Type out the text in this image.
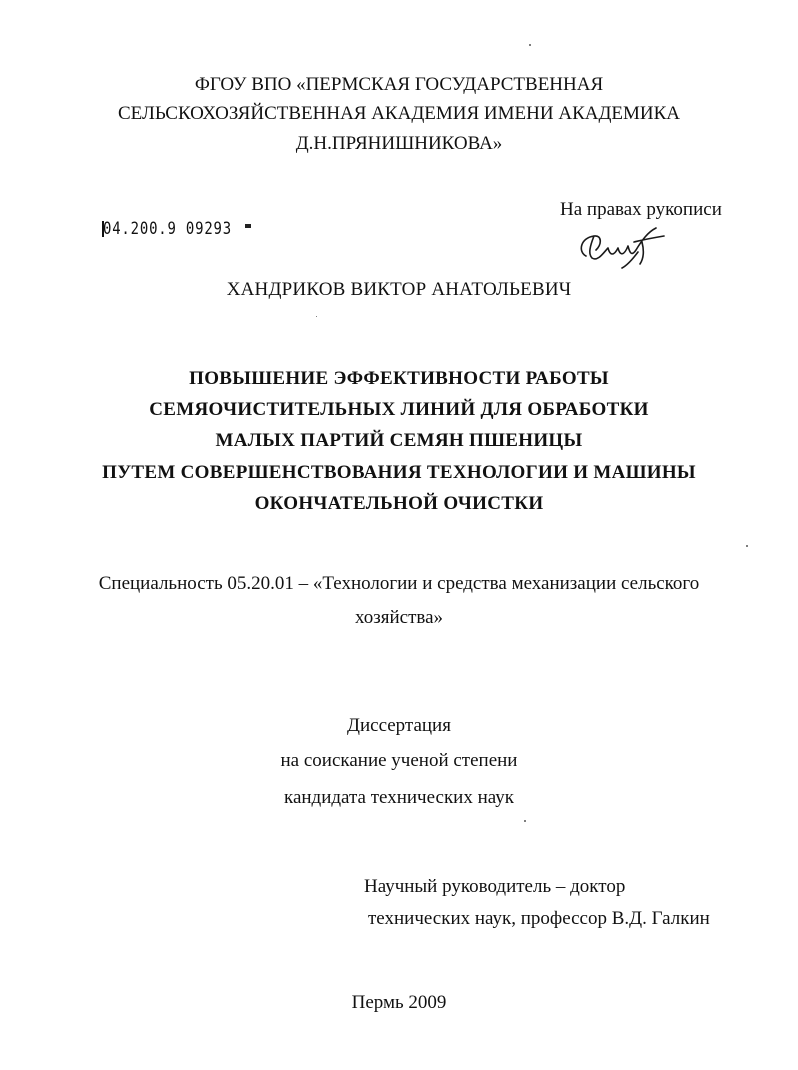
ФГОУ ВПО «ПЕРМСКАЯ ГОСУДАРСТВЕННАЯ
СЕЛЬСКОХОЗЯЙСТВЕННАЯ АКАДЕМИЯ ИМЕНИ АКАДЕМИКА
Д.Н.ПРЯНИШНИКОВА»
На правах рукописи
04.200.9 09293
ХАНДРИКОВ ВИКТОР АНАТОЛЬЕВИЧ
ПОВЫШЕНИЕ ЭФФЕКТИВНОСТИ РАБОТЫ
СЕМЯОЧИСТИТЕЛЬНЫХ ЛИНИЙ ДЛЯ ОБРАБОТКИ
МАЛЫХ ПАРТИЙ СЕМЯН ПШЕНИЦЫ
ПУТЕМ СОВЕРШЕНСТВОВАНИЯ ТЕХНОЛОГИИ И МАШИНЫ
ОКОНЧАТЕЛЬНОЙ ОЧИСТКИ
Специальность 05.20.01 – «Технологии и средства механизации сельского
хозяйства»
Диссертация
на соискание ученой степени
кандидата технических наук
Научный руководитель – доктор
технических наук, профессор В.Д. Галкин
Пермь 2009
